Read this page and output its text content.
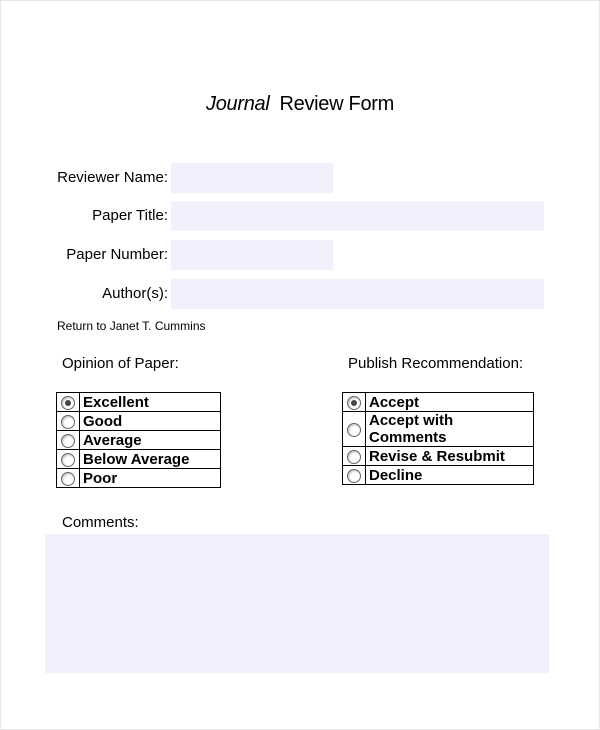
Journal Review Form
Reviewer Name:
Paper Title:
Paper Number:
Author(s):
Return to Janet T. Cummins
Opinion of Paper:
	Excellent
	Good
	Average
	Below Average
	Poor
Publish Recommendation:
	Accept
	Accept with Comments
	Revise & Resubmit
	Decline
Comments:
